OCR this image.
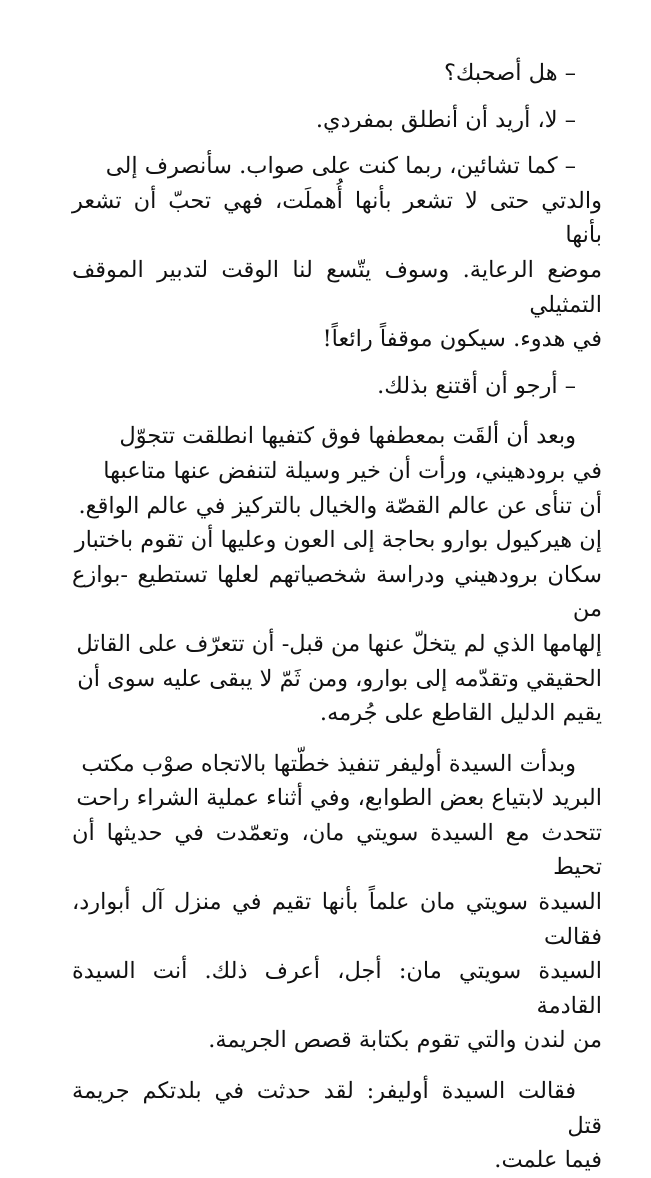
– هل أصحبك؟

– لا، أريد أن أنطلق بمفردي.

– كما تشائين، ربما كنت على صواب. سأنصرف إلى
والدتي حتى لا تشعر بأنها أُهملَت، فهي تحبّ أن تشعر بأنها
موضع الرعاية. وسوف يتّسع لنا الوقت لتدبير الموقف التمثيلي
في هدوء. سيكون موقفاً رائعاً!

– أرجو أن أقتنع بذلك.

وبعد أن ألقَت بمعطفها فوق كتفيها انطلقت تتجوّل
في برودهيني، ورأت أن خير وسيلة لتنفض عنها متاعبها
أن تنأى عن عالم القصّة والخيال بالتركيز في عالم الواقع.
إن هيركيول بوارو بحاجة إلى العون وعليها أن تقوم باختبار
سكان برودهيني ودراسة شخصياتهم لعلها تستطيع -بوازع من
إلهامها الذي لم يتخلّ عنها من قبل- أن تتعرّف على القاتل
الحقيقي وتقدّمه إلى بوارو، ومن ثَمّ لا يبقى عليه سوى أن
يقيم الدليل القاطع على جُرمه.

وبدأت السيدة أوليفر تنفيذ خطّتها بالاتجاه صوْب مكتب
البريد لابتياع بعض الطوابع، وفي أثناء عملية الشراء راحت
تتحدث مع السيدة سويتي مان، وتعمّدت في حديثها أن تحيط
السيدة سويتي مان علماً بأنها تقيم في منزل آل أبوارد، فقالت
السيدة سويتي مان: أجل، أعرف ذلك. أنت السيدة القادمة
من لندن والتي تقوم بكتابة قصص الجريمة.

فقالت السيدة أوليفر: لقد حدثت في بلدتكم جريمة قتل
فيما علمت.
